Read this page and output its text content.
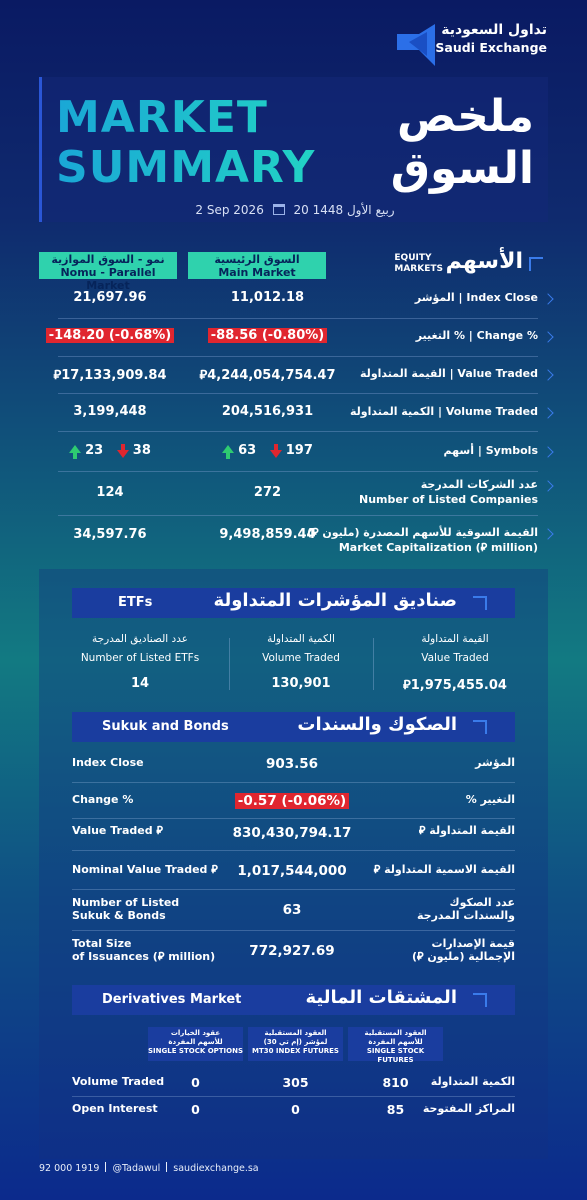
تداول السعودية
Saudi Exchange
MARKET
SUMMARY
ملخص
السوق
2 Sep 2026 20 ربيع الأول 1448
نمو - السوق الموازية
Nomu - Parallel Market
السوق الرئيسية
Main Market
EQUITY
MARKETS الأسهم
21,697.96	11,012.18	المؤشر | Index Close
-148.20 (-0.68%)	-88.56 (-0.80%)	التغيير % | Change %
⃁17,133,909.84	⃁4,244,054,754.47	القيمة المتداولة | Value Traded
3,199,448	204,516,931	الكمية المتداولة | Volume Traded
23 38	63 197	أسهم | Symbols
124	272
عدد الشركات المدرجة
Number of Listed Companies
34,597.76	9,498,859.44
القيمة السوقية للأسهم المصدرة (مليون ⃁)
Market Capitalization (⃁ million)
ETFs	صناديق المؤشرات المتداولة
عدد الصناديق المدرجة
Number of Listed ETFs
14
الكمية المتداولة
Volume Traded
130,901
القيمة المتداولة
Value Traded
⃁1,975,455.04
Sukuk and Bonds	الصكوك والسندات
Index Close	903.56	المؤشر
Change %	-0.57 (-0.06%)	التغيير %
Value Traded ⃁	830,430,794.17	القيمة المتداولة ⃁
Nominal Value Traded ⃁	1,017,544,000	القيمة الاسمية المتداولة ⃁
Number of Listed
Sukuk & Bonds	63	عدد الصكوك
والسندات المدرجة
Total Size
of Issuances (⃁ million)	772,927.69	قيمة الإصدارات
الإجمالية (مليون ⃁)
Derivatives Market	المشتقات المالية
عقود الخيارات
للأسهم المفردة
SINGLE STOCK OPTIONS
العقود المستقبلية
لمؤشر (إم تي 30)
MT30 INDEX FUTURES
العقود المستقبلية
للأسهم المفردة
SINGLE STOCK FUTURES
Volume Traded	0	305	810	الكمية المتداولة
Open Interest	0	0	85	المراكز المفتوحة
92 000 1919 @Tadawul saudiexchange.sa
